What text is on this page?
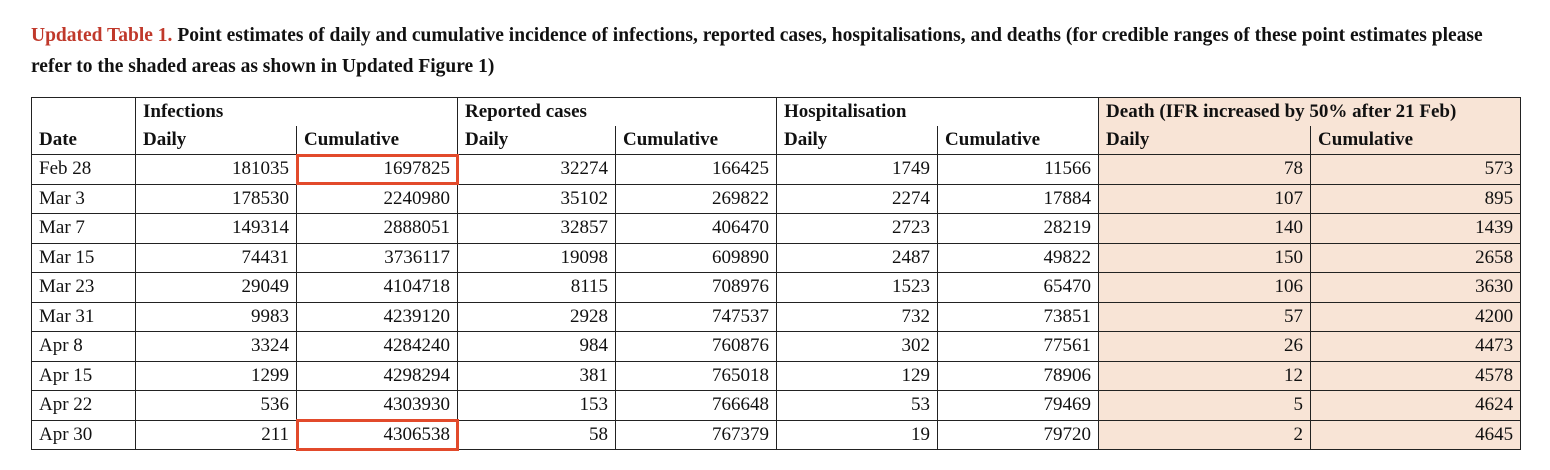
Updated Table 1. Point estimates of daily and cumulative incidence of infections, reported cases, hospitalisations, and deaths (for credible ranges of these point estimates please refer to the shaded areas as shown in Updated Figure 1)
	Infections		Reported cases		Hospitalisation		Death (IFR increased by 50% after 21 Feb)	
Date	Daily	Cumulative	Daily	Cumulative	Daily	Cumulative	Daily	Cumulative
Feb 28	181035	1697825	32274	166425	1749	11566	78	573
Mar 3	178530	2240980	35102	269822	2274	17884	107	895
Mar 7	149314	2888051	32857	406470	2723	28219	140	1439
Mar 15	74431	3736117	19098	609890	2487	49822	150	2658
Mar 23	29049	4104718	8115	708976	1523	65470	106	3630
Mar 31	9983	4239120	2928	747537	732	73851	57	4200
Apr 8	3324	4284240	984	760876	302	77561	26	4473
Apr 15	1299	4298294	381	765018	129	78906	12	4578
Apr 22	536	4303930	153	766648	53	79469	5	4624
Apr 30	211	4306538	58	767379	19	79720	2	4645
